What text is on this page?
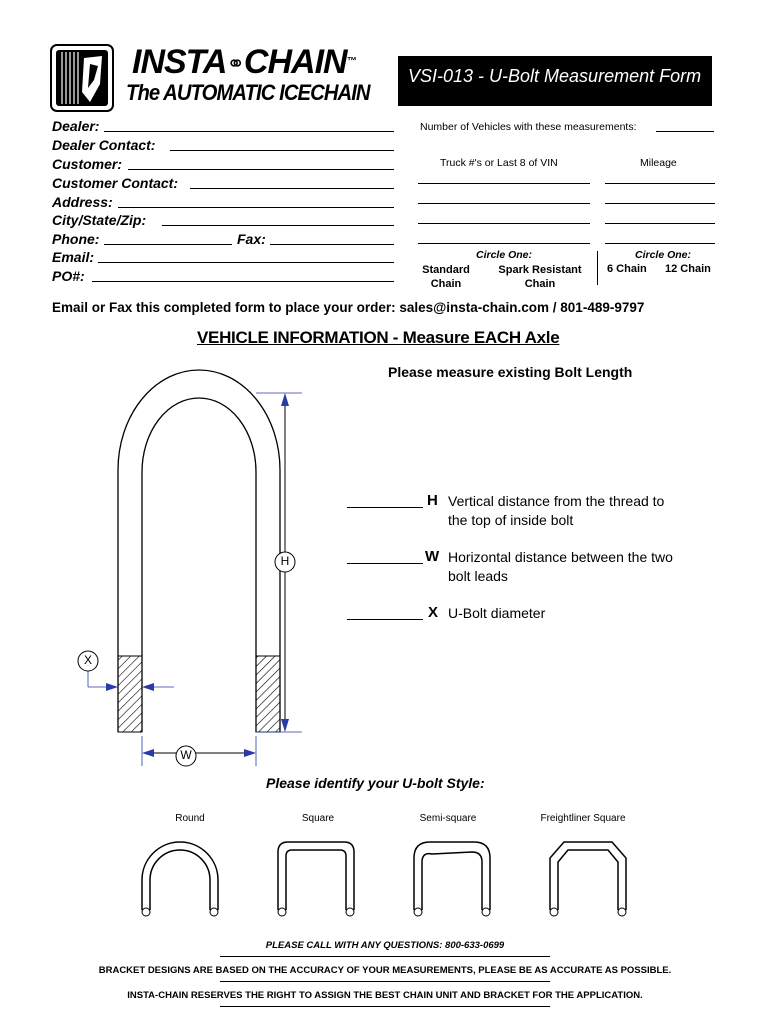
INSTA⚭CHAIN™
The AUTOMATIC ICECHAIN
VSI-013 - U-Bolt Measurement Form
Dealer:
Dealer Contact:
Customer:
Customer Contact:
Address:
City/State/Zip:
Phone:	Fax:
Email:
PO#:
Number of Vehicles with these measurements:
Truck #'s or Last 8 of VIN	Mileage
Circle One:
Standard
Chain
Spark Resistant
Chain
Circle One:
6 Chain 12 Chain
Email or Fax this completed form to place your order: sales@insta-chain.com / 801-489-9797
VEHICLE INFORMATION - Measure EACH Axle
Please measure existing Bolt Length
H
W
X
H Vertical distance from the thread to
the top of inside bolt
W Horizontal distance between the two
bolt leads
X U-Bolt diameter
Please identify your U-bolt Style:
Round	Square	Semi-square	Freightliner Square
PLEASE CALL WITH ANY QUESTIONS: 800-633-0699
BRACKET DESIGNS ARE BASED ON THE ACCURACY OF YOUR MEASUREMENTS, PLEASE BE AS ACCURATE AS POSSIBLE.
INSTA-CHAIN RESERVES THE RIGHT TO ASSIGN THE BEST CHAIN UNIT AND BRACKET FOR THE APPLICATION.
